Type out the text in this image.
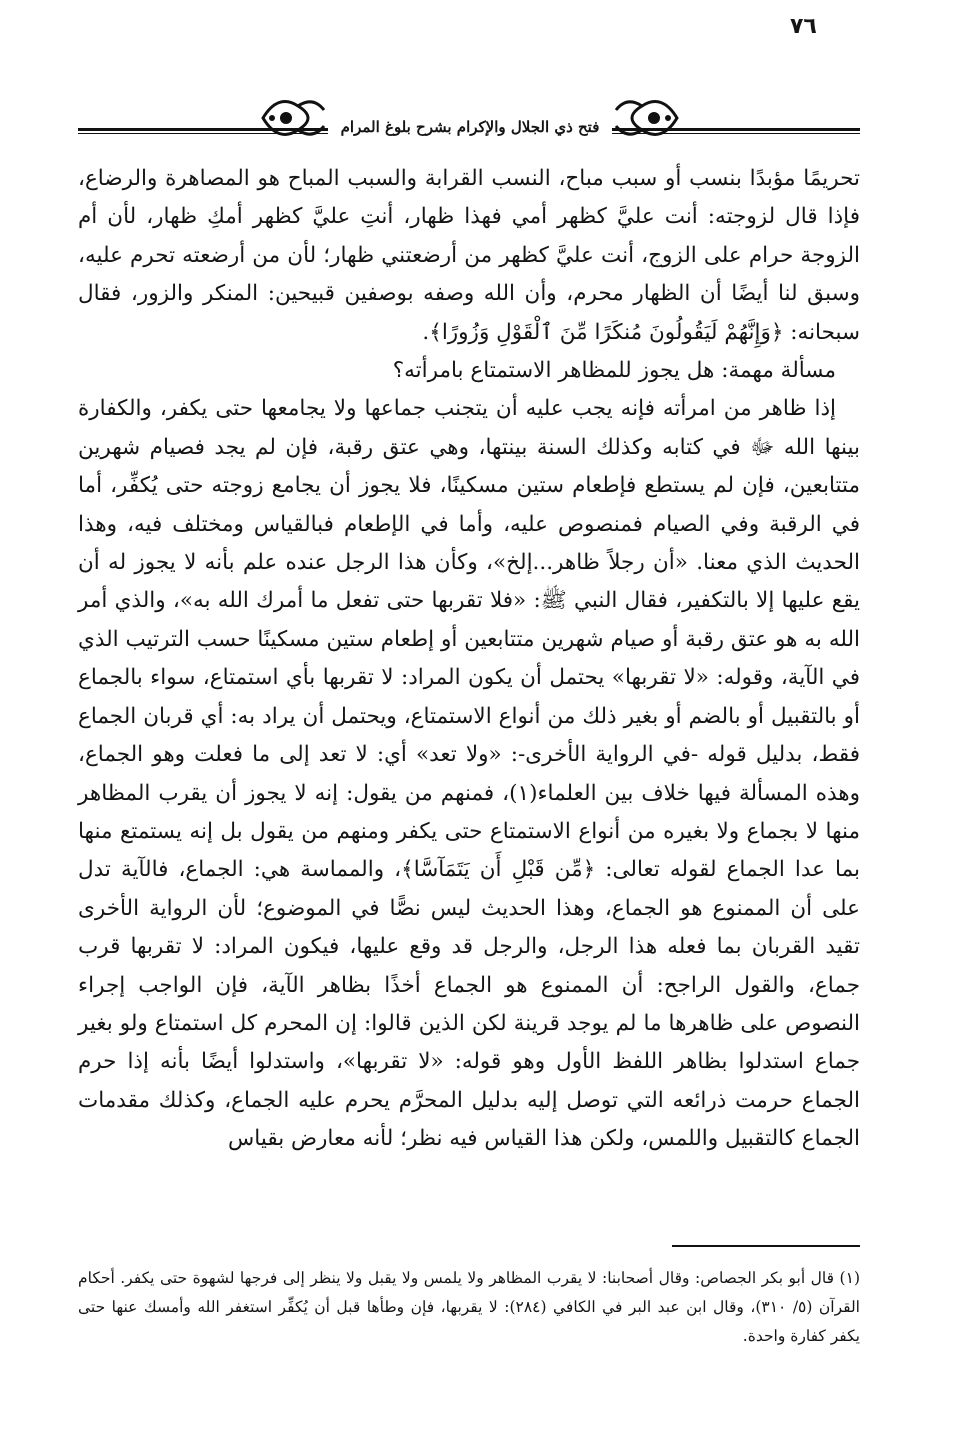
٧٦
فتح ذي الجلال والإكرام بشرح بلوغ المرام

تحريمًا مؤبدًا بنسب أو سبب مباح، النسب القرابة والسبب المباح هو المصاهرة والرضاع، فإذا قال لزوجته: أنت عليَّ كظهر أمي فهذا ظهار، أنتِ عليَّ كظهر أمكِ ظهار، لأن أم الزوجة حرام على الزوج، أنت عليَّ كظهر من أرضعتني ظهار؛ لأن من أرضعته تحرم عليه، وسبق لنا أيضًا أن الظهار محرم، وأن الله وصفه بوصفين قبيحين: المنكر والزور، فقال سبحانه: ﴿وَإِنَّهُمْ لَيَقُولُونَ مُنكَرًا مِّنَ ٱلْقَوْلِ وَزُورًا﴾.

مسألة مهمة: هل يجوز للمظاهر الاستمتاع بامرأته؟

إذا ظاهر من امرأته فإنه يجب عليه أن يتجنب جماعها ولا يجامعها حتى يكفر، والكفارة بينها الله ﷻ في كتابه وكذلك السنة بينتها، وهي عتق رقبة، فإن لم يجد فصيام شهرين متتابعين، فإن لم يستطع فإطعام ستين مسكينًا، فلا يجوز أن يجامع زوجته حتى يُكفِّر، أما في الرقبة وفي الصيام فمنصوص عليه، وأما في الإطعام فبالقياس ومختلف فيه، وهذا الحديث الذي معنا. «أن رجلاً ظاهر...إلخ»، وكأن هذا الرجل عنده علم بأنه لا يجوز له أن يقع عليها إلا بالتكفير، فقال النبي ﷺ: «فلا تقربها حتى تفعل ما أمرك الله به»، والذي أمر الله به هو عتق رقبة أو صيام شهرين متتابعين أو إطعام ستين مسكينًا حسب الترتيب الذي في الآية، وقوله: «لا تقربها» يحتمل أن يكون المراد: لا تقربها بأي استمتاع، سواء بالجماع أو بالتقبيل أو بالضم أو بغير ذلك من أنواع الاستمتاع، ويحتمل أن يراد به: أي قربان الجماع فقط، بدليل قوله -في الرواية الأخرى-: «ولا تعد» أي: لا تعد إلى ما فعلت وهو الجماع، وهذه المسألة فيها خلاف بين العلماء(١)، فمنهم من يقول: إنه لا يجوز أن يقرب المظاهر منها لا بجماع ولا بغيره من أنواع الاستمتاع حتى يكفر ومنهم من يقول بل إنه يستمتع منها بما عدا الجماع لقوله تعالى: ﴿مِّن قَبْلِ أَن يَتَمَآسَّا﴾، والمماسة هي: الجماع، فالآية تدل على أن الممنوع هو الجماع، وهذا الحديث ليس نصًّا في الموضوع؛ لأن الرواية الأخرى تقيد القربان بما فعله هذا الرجل، والرجل قد وقع عليها، فيكون المراد: لا تقربها قرب جماع، والقول الراجح: أن الممنوع هو الجماع أخذًا بظاهر الآية، فإن الواجب إجراء النصوص على ظاهرها ما لم يوجد قرينة لكن الذين قالوا: إن المحرم كل استمتاع ولو بغير جماع استدلوا بظاهر اللفظ الأول وهو قوله: «لا تقربها»، واستدلوا أيضًا بأنه إذا حرم الجماع حرمت ذرائعه التي توصل إليه بدليل المحرَّم يحرم عليه الجماع، وكذلك مقدمات الجماع كالتقبيل واللمس، ولكن هذا القياس فيه نظر؛ لأنه معارض بقياس

(١) قال أبو بكر الجصاص: وقال أصحابنا: لا يقرب المظاهر ولا يلمس ولا يقبل ولا ينظر إلى فرجها لشهوة حتى يكفر. أحكام القرآن (٥/ ٣١٠)، وقال ابن عبد البر في الكافي (٢٨٤): لا يقربها، فإن وطأها قبل أن يُكفِّر استغفر الله وأمسك عنها حتى يكفر كفارة واحدة.
